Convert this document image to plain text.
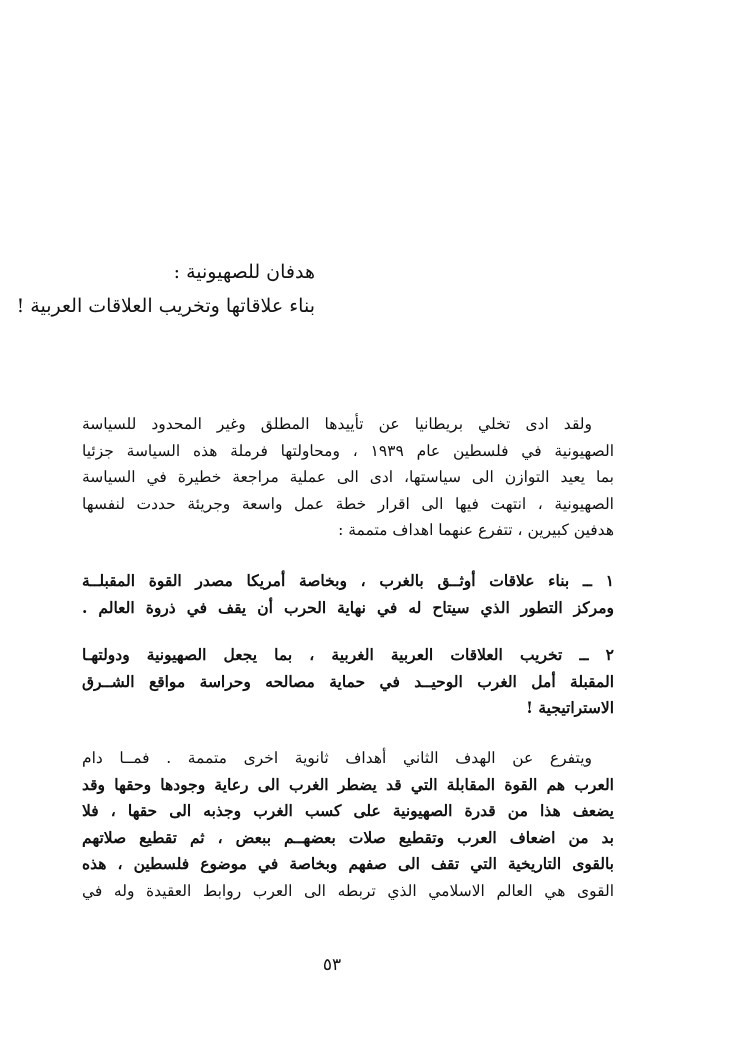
هدفان للصهيونية :
بناء علاقاتها وتخريب العلاقات العربية !
ولقد ادى تخلي بريطانيا عن تأييدها المطلق وغير المحدود للسياسة
الصهيونية في فلسطين عام ١٩٣٩ ، ومحاولتها فرملة هذه السياسة جزئيا
بما يعيد التوازن الى سياستها، ادى الى عملية مراجعة خطيرة في السياسة
الصهيونية ، انتهت فيها الى اقرار خطة عمل واسعة وجريئة حددت لنفسها
هدفين كبيرين ، تتفرع عنهما اهداف متممة :
١ ــ بناء علاقات أوثــق بالغرب ، وبخاصة أمريكا مصدر القوة المقبلــة
ومركز التطور الذي سيتاح له في نهاية الحرب أن يقف في ذروة العالم .
٢ ــ تخريب العلاقات العربية الغربية ، بما يجعل الصهيونية ودولتهـا
المقبلة أمل الغرب الوحيــد في حماية مصالحه وحراسة مواقع الشــرق
الاستراتيجية !
ويتفرع عن الهدف الثاني أهداف ثانوية اخرى متممة . فمــا دام
العرب هم القوة المقابلة التي قد يضطر الغرب الى رعاية وجودها وحقها وقد
يضعف هذا من قدرة الصهيونية على كسب الغرب وجذبه الى حقها ، فلا
بد من اضعاف العرب وتقطيع صلات بعضهــم ببعض ، ثم تقطيع صلاتهم
بالقوى التاريخية التي تقف الى صفهم وبخاصة في موضوع فلسطين ، هذه
القوى هي العالم الاسلامي الذي تربطه الى العرب روابط العقيدة وله في
٥٣
